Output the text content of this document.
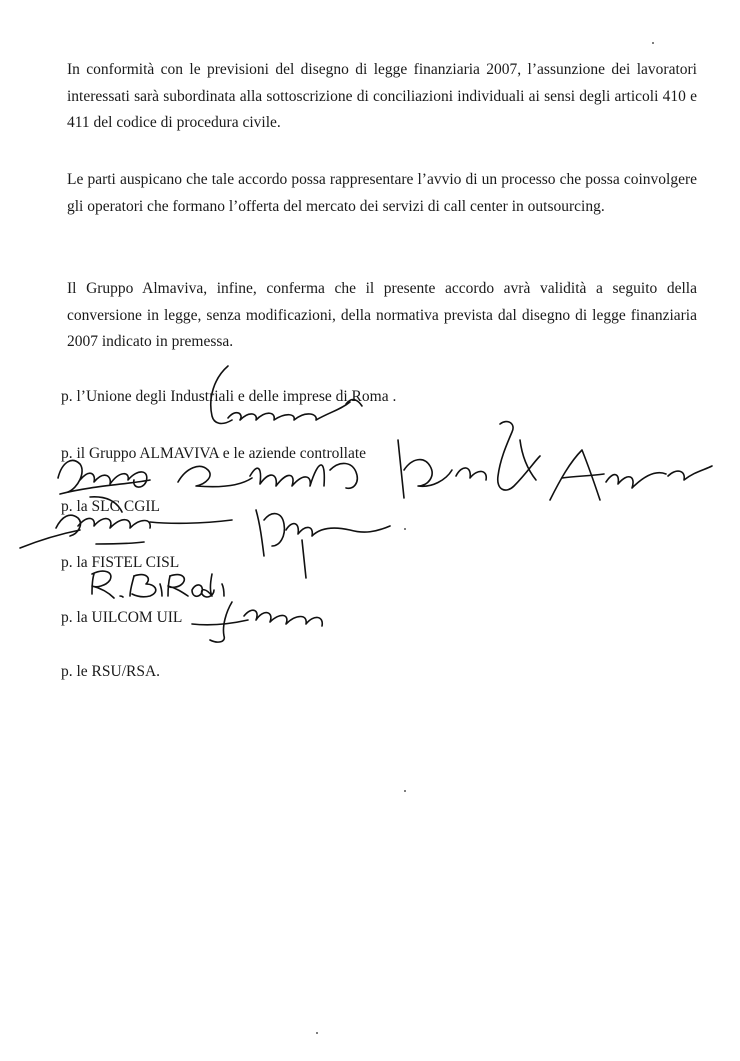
In conformità con le previsioni del disegno di legge finanziaria 2007, l’assunzione dei lavoratori interessati sarà subordinata alla sottoscrizione di conciliazioni individuali ai sensi degli articoli 410 e 411 del codice di procedura civile.

Le parti auspicano che tale accordo possa rappresentare l’avvio di un processo che possa coinvolgere gli operatori che formano l’offerta del mercato dei servizi di call center in outsourcing.

Il Gruppo Almaviva, infine, conferma che il presente accordo avrà validità a seguito della conversione in legge, senza modificazioni, della normativa prevista dal disegno di legge finanziaria 2007 indicato in premessa.

p. l’Unione degli Industriali e delle imprese di Roma .

p. il Gruppo ALMAVIVA e le aziende controllate

p. la SLC CGIL

p. la FISTEL CISL

p. la UILCOM UIL

p. le RSU/RSA.
